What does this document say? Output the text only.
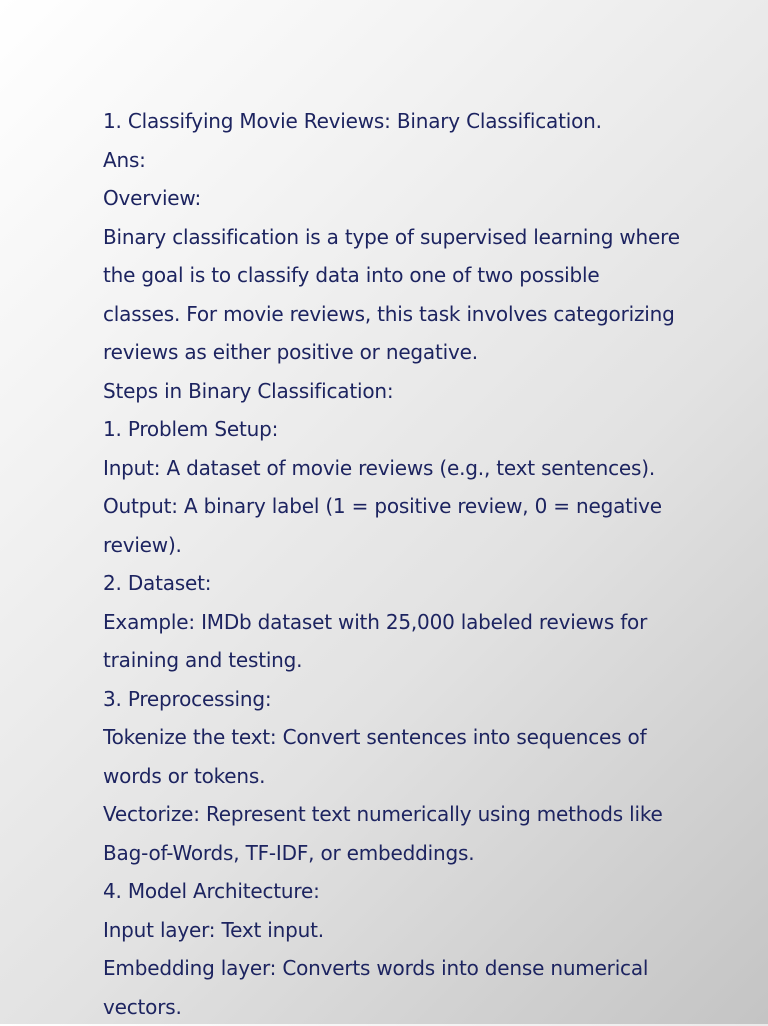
1. Classifying Movie Reviews: Binary Classification.
Ans:
Overview:
Binary classification is a type of supervised learning where
the goal is to classify data into one of two possible
classes. For movie reviews, this task involves categorizing
reviews as either positive or negative.
Steps in Binary Classification:
1. Problem Setup:
Input: A dataset of movie reviews (e.g., text sentences).
Output: A binary label (1 = positive review, 0 = negative
review).
2. Dataset:
Example: IMDb dataset with 25,000 labeled reviews for
training and testing.
3. Preprocessing:
Tokenize the text: Convert sentences into sequences of
words or tokens.
Vectorize: Represent text numerically using methods like
Bag-of-Words, TF-IDF, or embeddings.
4. Model Architecture:
Input layer: Text input.
Embedding layer: Converts words into dense numerical
vectors.
